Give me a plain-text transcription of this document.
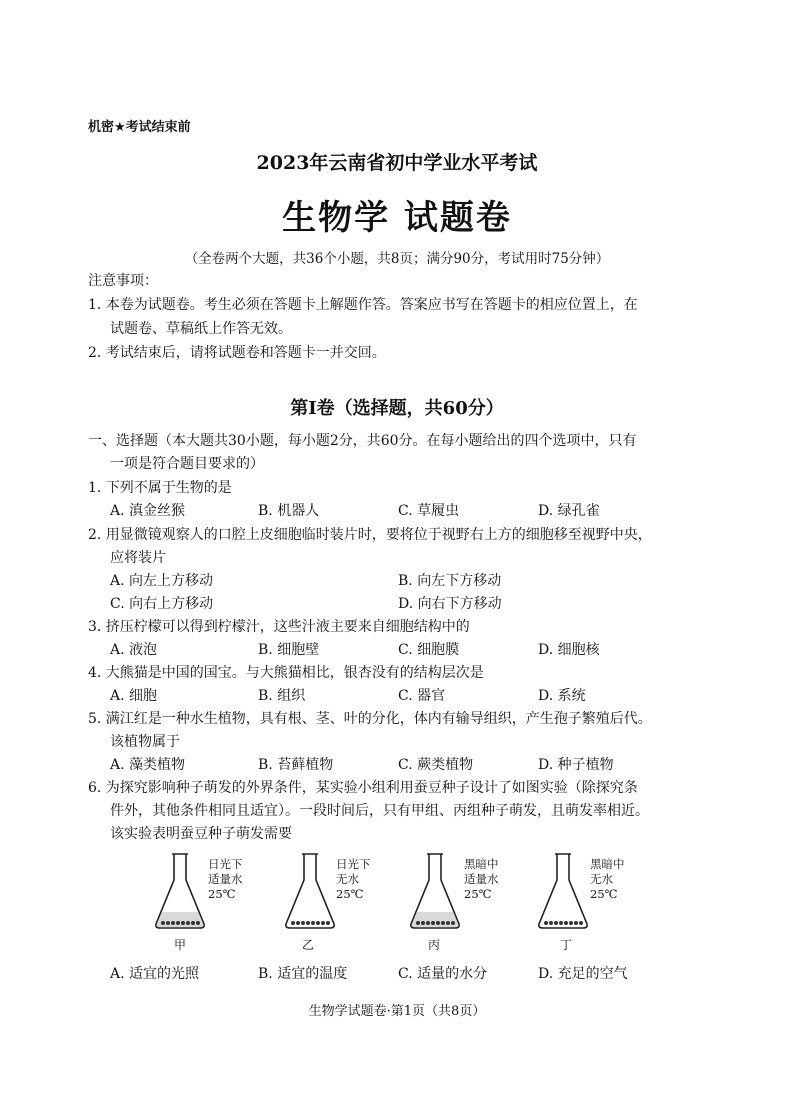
机密★考试结束前
2023年云南省初中学业水平考试
生物学 试题卷
（全卷两个大题，共36个小题，共8页；满分90分，考试用时75分钟）
注意事项：
1. 本卷为试题卷。考生必须在答题卡上解题作答。答案应书写在答题卡的相应位置上，在
试题卷、草稿纸上作答无效。
2. 考试结束后，请将试题卷和答题卡一并交回。
第Ⅰ卷（选择题，共60分）
一、选择题（本大题共30小题，每小题2分，共60分。在每小题给出的四个选项中，只有
一项是符合题目要求的）
1. 下列不属于生物的是
A. 滇金丝猴	B. 机器人	C. 草履虫	D. 绿孔雀
2. 用显微镜观察人的口腔上皮细胞临时装片时，要将位于视野右上方的细胞移至视野中央，
应将装片
A. 向左上方移动	B. 向左下方移动
C. 向右上方移动	D. 向右下方移动
3. 挤压柠檬可以得到柠檬汁，这些汁液主要来自细胞结构中的
A. 液泡	B. 细胞壁	C. 细胞膜	D. 细胞核
4. 大熊猫是中国的国宝。与大熊猫相比，银杏没有的结构层次是
A. 细胞	B. 组织	C. 器官	D. 系统
5. 满江红是一种水生植物，具有根、茎、叶的分化，体内有输导组织，产生孢子繁殖后代。
该植物属于
A. 藻类植物	B. 苔藓植物	C. 蕨类植物	D. 种子植物
6. 为探究影响种子萌发的外界条件，某实验小组利用蚕豆种子设计了如图实验（除探究条
件外，其他条件相同且适宜）。一段时间后，只有甲组、丙组种子萌发，且萌发率相近。
该实验表明蚕豆种子萌发需要
日光下
适量水
25℃
甲
日光下
无水
25℃
乙
黑暗中
适量水
25℃
丙
黑暗中
无水
25℃
丁
A. 适宜的光照	B. 适宜的温度	C. 适量的水分	D. 充足的空气
生物学试题卷·第1页（共8页）
